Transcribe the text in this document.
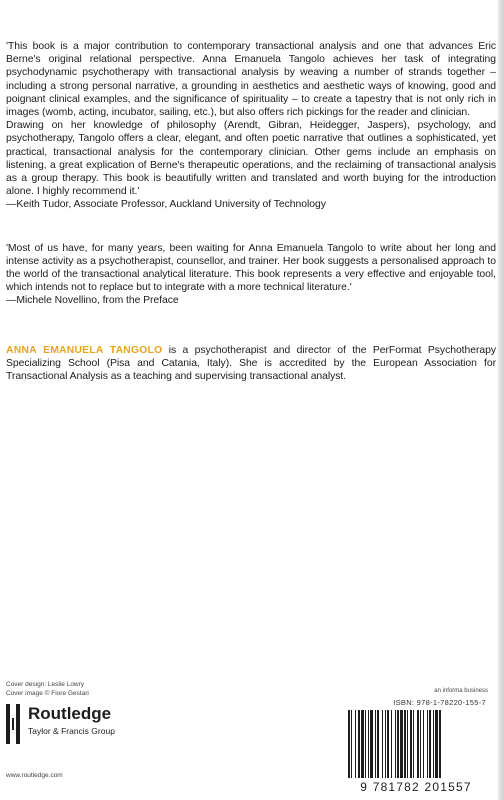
'This book is a major contribution to contemporary transactional analysis and one that advances Eric Berne's original relational perspective. Anna Emanuela Tangolo achieves her task of integrating psychodynamic psychotherapy with transactional analysis by weaving a number of strands together – including a strong personal narrative, a grounding in aesthetics and aesthetic ways of knowing, good and poignant clinical examples, and the significance of spirituality – to create a tapestry that is not only rich in images (womb, acting, incubator, sailing, etc.), but also offers rich pickings for the reader and clinician.

Drawing on her knowledge of philosophy (Arendt, Gibran, Heidegger, Jaspers), psychology, and psychotherapy, Tangolo offers a clear, elegant, and often poetic narrative that outlines a sophisticated, yet practical, transactional analysis for the contemporary clinician. Other gems include an emphasis on listening, a great explication of Berne's therapeutic operations, and the reclaiming of transactional analysis as a group therapy. This book is beautifully written and translated and worth buying for the introduction alone. I highly recommend it.'

—Keith Tudor, Associate Professor, Auckland University of Technology

'Most of us have, for many years, been waiting for Anna Emanuela Tangolo to write about her long and intense activity as a psychotherapist, counsellor, and trainer. Her book suggests a personalised approach to the world of the transactional analytical literature. This book represents a very effective and enjoyable tool, which intends not to replace but to integrate with a more technical literature.'

—Michele Novellino, from the Preface

ANNA EMANUELA TANGOLO is a psychotherapist and director of the PerFormat Psychotherapy Specializing School (Pisa and Catania, Italy). She is accredited by the European Association for Transactional Analysis as a teaching and supervising transactional analyst.

Cover design: Leslie Lowry
Cover image © Fiore Gestari
Routledge
Taylor & Francis Group
www.routledge.com
an informa business
ISBN: 978-1-78220-155-7
9 781782 201557
